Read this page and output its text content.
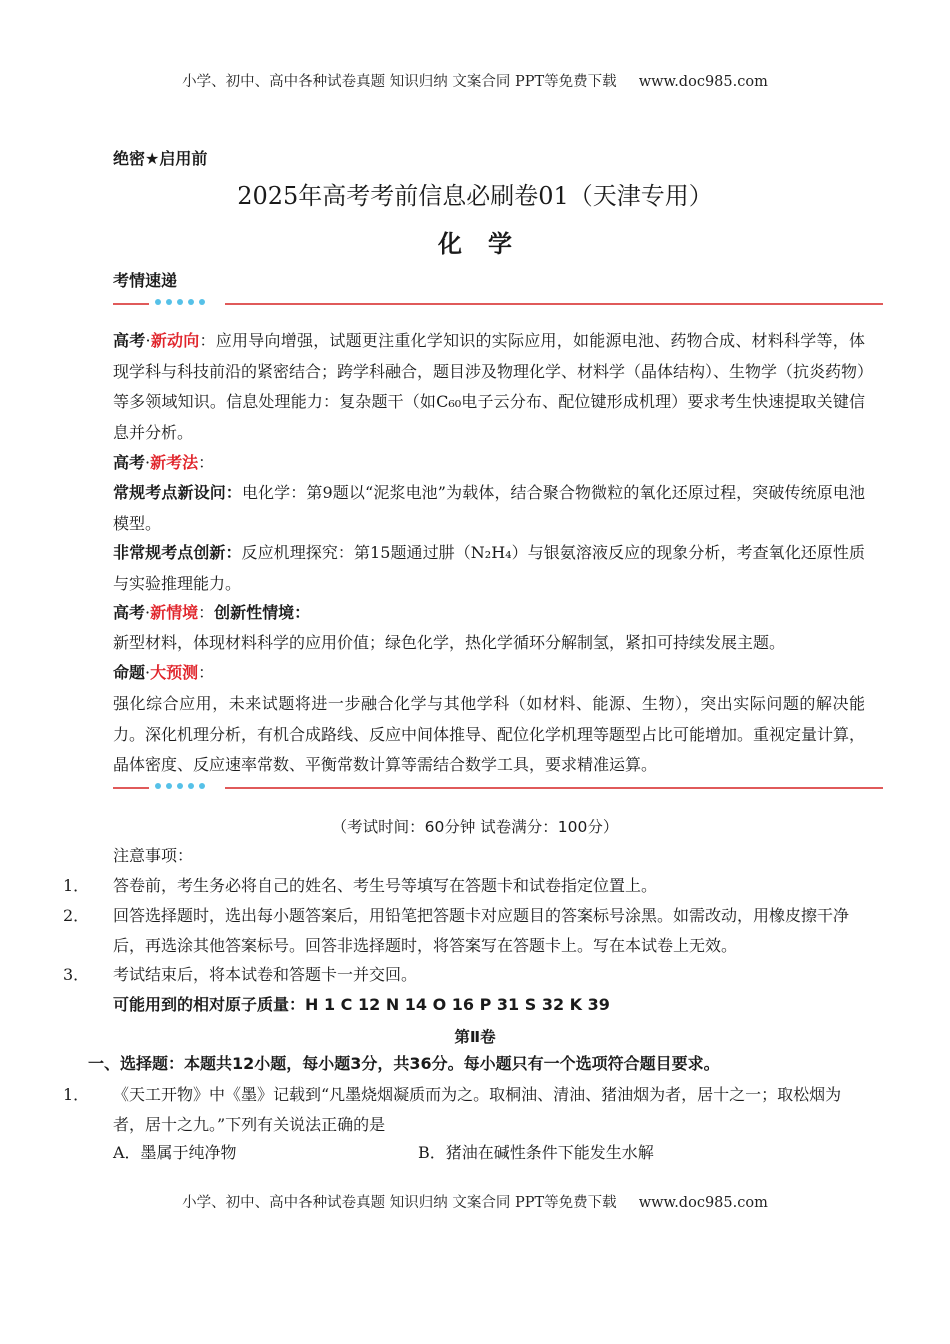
小学、初中、高中各种试卷真题 知识归纳 文案合同 PPT等免费下载 www.doc985.com
绝密★启用前
2025年高考考前信息必刷卷01（天津专用）
化学
考情速递
高考·新动向：应用导向增强，试题更注重化学知识的实际应用，如能源电池、药物合成、材料科学等，体现学科与科技前沿的紧密结合；跨学科融合，题目涉及物理化学、材料学（晶体结构）、生物学（抗炎药物）等多领域知识。信息处理能力：复杂题干（如C₆₀电子云分布、配位键形成机理）要求考生快速提取关键信息并分析。
高考·新考法：
常规考点新设问：电化学：第9题以“泥浆电池”为载体，结合聚合物微粒的氧化还原过程，突破传统原电池模型。
非常规考点创新：反应机理探究：第15题通过肼（N₂H₄）与银氨溶液反应的现象分析，考查氧化还原性质与实验推理能力。
高考·新情境：创新性情境：
新型材料，体现材料科学的应用价值；绿色化学，热化学循环分解制氢，紧扣可持续发展主题。
命题·大预测：
强化综合应用，未来试题将进一步融合化学与其他学科（如材料、能源、生物），突出实际问题的解决能力。深化机理分析，有机合成路线、反应中间体推导、配位化学机理等题型占比可能增加。重视定量计算，晶体密度、反应速率常数、平衡常数计算等需结合数学工具，要求精准运算。
（考试时间：60分钟 试卷满分：100分）
注意事项：
1． 答卷前，考生务必将自己的姓名、考生号等填写在答题卡和试卷指定位置上。
2． 回答选择题时，选出每小题答案后，用铅笔把答题卡对应题目的答案标号涂黑。如需改动，用橡皮擦干净后，再选涂其他答案标号。回答非选择题时，将答案写在答题卡上。写在本试卷上无效。
3． 考试结束后，将本试卷和答题卡一并交回。
可能用到的相对原子质量：H 1 C 12 N 14 O 16 P 31 S 32 K 39
第Ⅱ卷
一、选择题：本题共12小题，每小题3分，共36分。每小题只有一个选项符合题目要求。
1． 《天工开物》中《墨》记载到“凡墨烧烟凝质而为之。取桐油、清油、猪油烟为者，居十之一；取松烟为者，居十之九。”下列有关说法正确的是
A．墨属于纯净物	B．猪油在碱性条件下能发生水解
小学、初中、高中各种试卷真题 知识归纳 文案合同 PPT等免费下载 www.doc985.com
